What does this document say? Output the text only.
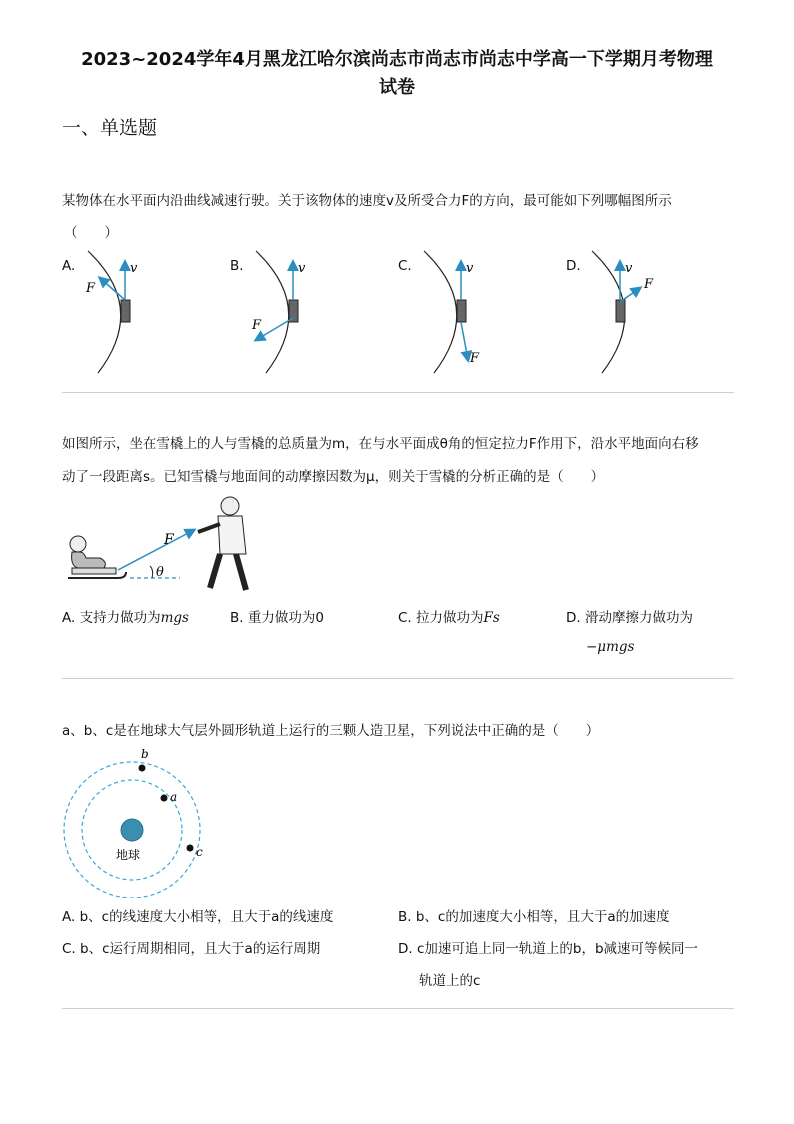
2023~2024学年4月黑龙江哈尔滨尚志市尚志市尚志中学高一下学期月考物理
试卷
一、单选题
某物体在水平面内沿曲线减速行驶。关于该物体的速度v及所受合力F的方向，最可能如下列哪幅图所示
（　　）
A.	B.	C.	D.
v
F
v
F
v
F
v
F
如图所示，坐在雪橇上的人与雪橇的总质量为m，在与水平面成θ角的恒定拉力F作用下，沿水平地面向右移
动了一段距离s。已知雪橇与地面间的动摩擦因数为μ，则关于雪橇的分析正确的是（　　）
F
θ
A. 支持力做功为mgs	B. 重力做功为0	C. 拉力做功为Fs	D. 滑动摩擦力做功为
−μmgs
a、b、c是在地球大气层外圆形轨道上运行的三颗人造卫星，下列说法中正确的是（　　）
地球
b
a
c
A. b、c的线速度大小相等，且大于a的线速度	B. b、c的加速度大小相等，且大于a的加速度
C. b、c运行周期相同，且大于a的运行周期	D. c加速可追上同一轨道上的b，b减速可等候同一
轨道上的c
